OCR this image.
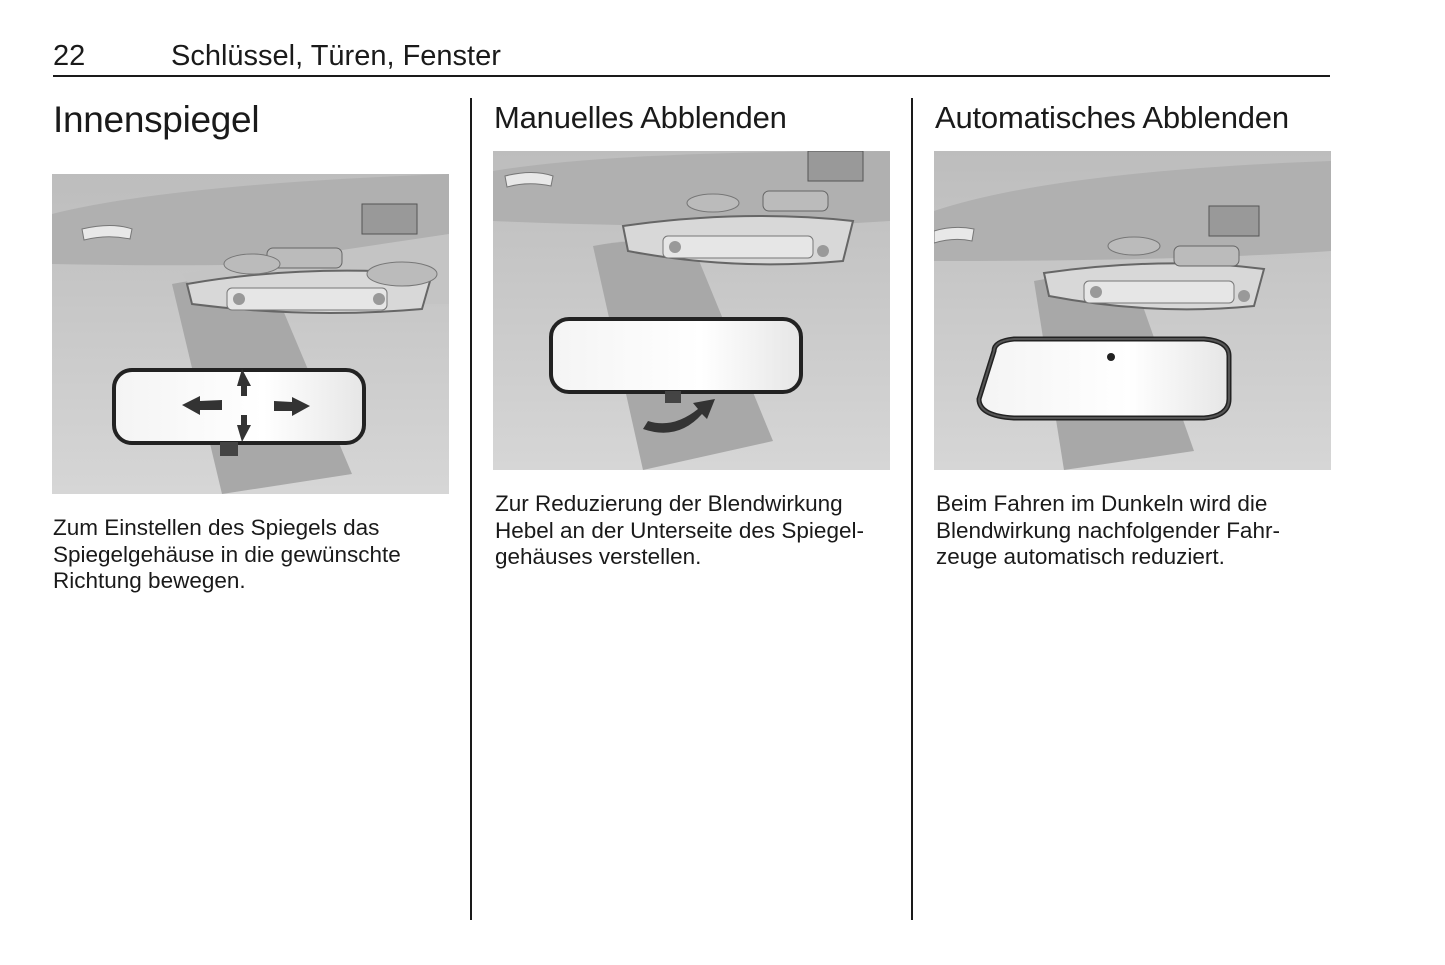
22	Schlüssel, Türen, Fenster
Innenspiegel

Zum Einstellen des Spiegels das
Spiegelgehäuse in die gewünschte
Richtung bewegen.

Manuelles Abblenden

Zur Reduzierung der Blendwirkung
Hebel an der Unterseite des Spiegel-
gehäuses verstellen.

Automatisches Abblenden

Beim Fahren im Dunkeln wird die
Blendwirkung nachfolgender Fahr-
zeuge automatisch reduziert.
